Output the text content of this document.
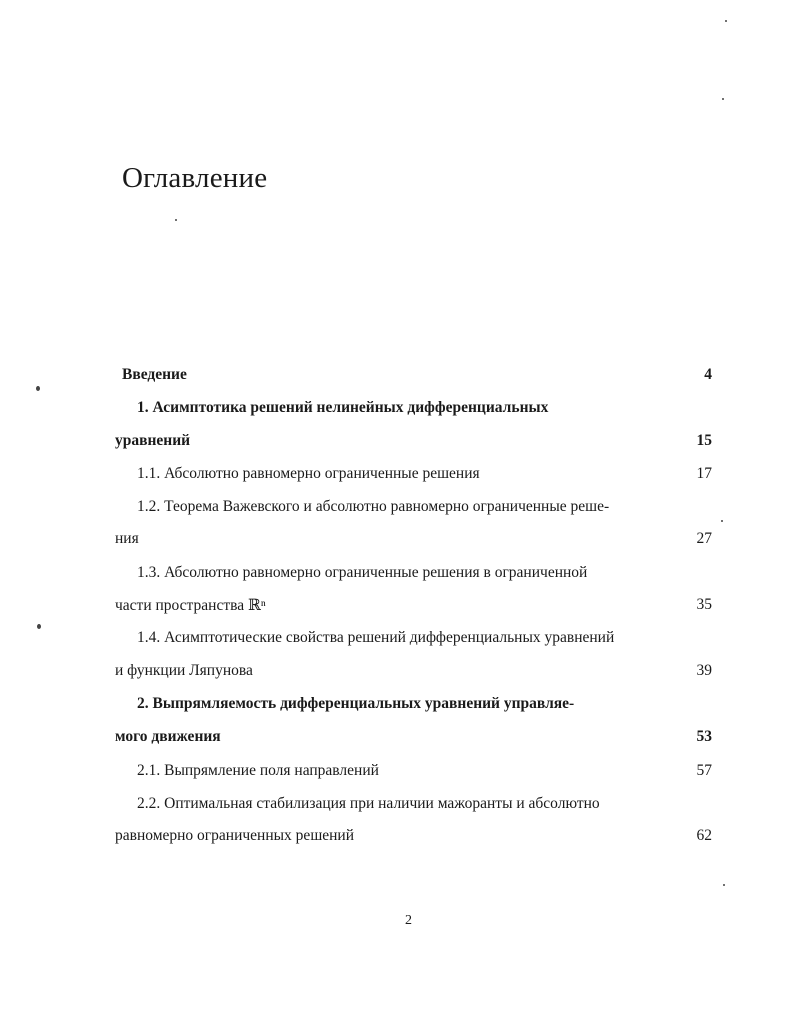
Оглавление
Введение	4
1. Асимптотика решений нелинейных дифференциальных
уравнений	15
1.1. Абсолютно равномерно ограниченные решения	17
1.2. Теорема Важевского и абсолютно равномерно ограниченные реше-
ния	27
1.3. Абсолютно равномерно ограниченные решения в ограниченной
части пространства ℝⁿ	35
1.4. Асимптотические свойства решений дифференциальных уравнений
и функции Ляпунова	39
2. Выпрямляемость дифференциальных уравнений управляе-
мого движения	53
2.1. Выпрямление поля направлений	57
2.2. Оптимальная стабилизация при наличии мажоранты и абсолютно
равномерно ограниченных решений	62
2
